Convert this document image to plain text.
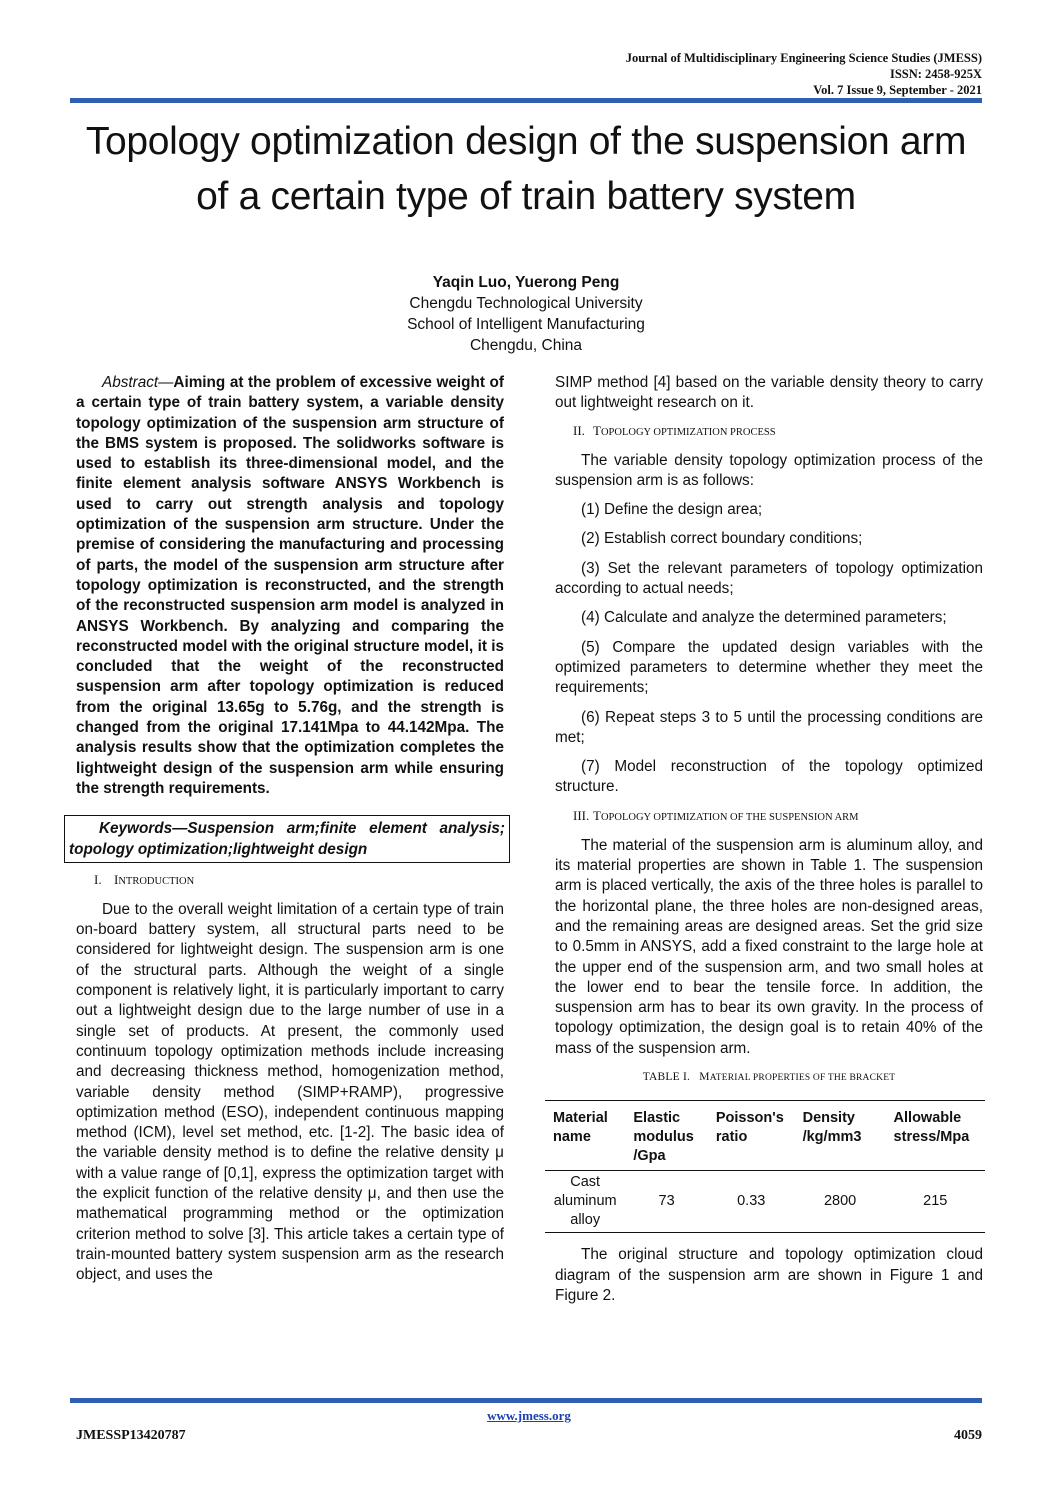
Journal of Multidisciplinary Engineering Science Studies (JMESS)
ISSN: 2458-925X
Vol. 7 Issue 9, September - 2021
Topology optimization design of the suspension arm of a certain type of train battery system
Yaqin Luo, Yuerong Peng
Chengdu Technological University
School of Intelligent Manufacturing
Chengdu, China

Abstract—Aiming at the problem of excessive weight of a certain type of train battery system, a variable density topology optimization of the suspension arm structure of the BMS system is proposed. The solidworks software is used to establish its three-dimensional model, and the finite element analysis software ANSYS Workbench is used to carry out strength analysis and topology optimization of the suspension arm structure. Under the premise of considering the manufacturing and processing of parts, the model of the suspension arm structure after topology optimization is reconstructed, and the strength of the reconstructed suspension arm model is analyzed in ANSYS Workbench. By analyzing and comparing the reconstructed model with the original structure model, it is concluded that the weight of the reconstructed suspension arm after topology optimization is reduced from the original 13.65g to 5.76g, and the strength is changed from the original 17.141Mpa to 44.142Mpa. The analysis results show that the optimization completes the lightweight design of the suspension arm while ensuring the strength requirements.

Keywords—Suspension arm;finite element analysis; topology optimization;lightweight design
I. INTRODUCTION

Due to the overall weight limitation of a certain type of train on-board battery system, all structural parts need to be considered for lightweight design. The suspension arm is one of the structural parts. Although the weight of a single component is relatively light, it is particularly important to carry out a lightweight design due to the large number of use in a single set of products. At present, the commonly used continuum topology optimization methods include increasing and decreasing thickness method, homogenization method, variable density method (SIMP+RAMP), progressive optimization method (ESO), independent continuous mapping method (ICM), level set method, etc. [1-2]. The basic idea of the variable density method is to define the relative density μ with a value range of [0,1], express the optimization target with the explicit function of the relative density μ, and then use the mathematical programming method or the optimization criterion method to solve [3]. This article takes a certain type of train-mounted battery system suspension arm as the research object, and uses the

SIMP method [4] based on the variable density theory to carry out lightweight research on it.

II. TOPOLOGY OPTIMIZATION PROCESS

The variable density topology optimization process of the suspension arm is as follows:

(1) Define the design area;

(2) Establish correct boundary conditions;

(3) Set the relevant parameters of topology optimization according to actual needs;

(4) Calculate and analyze the determined parameters;

(5) Compare the updated design variables with the optimized parameters to determine whether they meet the requirements;

(6) Repeat steps 3 to 5 until the processing conditions are met;

(7) Model reconstruction of the topology optimized structure.

III. TOPOLOGY OPTIMIZATION OF THE SUSPENSION ARM

The material of the suspension arm is aluminum alloy, and its material properties are shown in Table 1. The suspension arm is placed vertically, the axis of the three holes is parallel to the horizontal plane, the three holes are non-designed areas, and the remaining areas are designed areas. Set the grid size to 0.5mm in ANSYS, add a fixed constraint to the large hole at the upper end of the suspension arm, and two small holes at the lower end to bear the tensile force. In addition, the suspension arm has to bear its own gravity. In the process of topology optimization, the design goal is to retain 40% of the mass of the suspension arm.

TABLE I. MATERIAL PROPERTIES OF THE BRACKET
Material name	Elastic modulus /Gpa	Poisson's ratio	Density /kg/mm3	Allowable stress/Mpa
Cast aluminum alloy	73	0.33	2800	215

The original structure and topology optimization cloud diagram of the suspension arm are shown in Figure 1 and Figure 2.

www.jmess.org
JMESSP13420787	4059
